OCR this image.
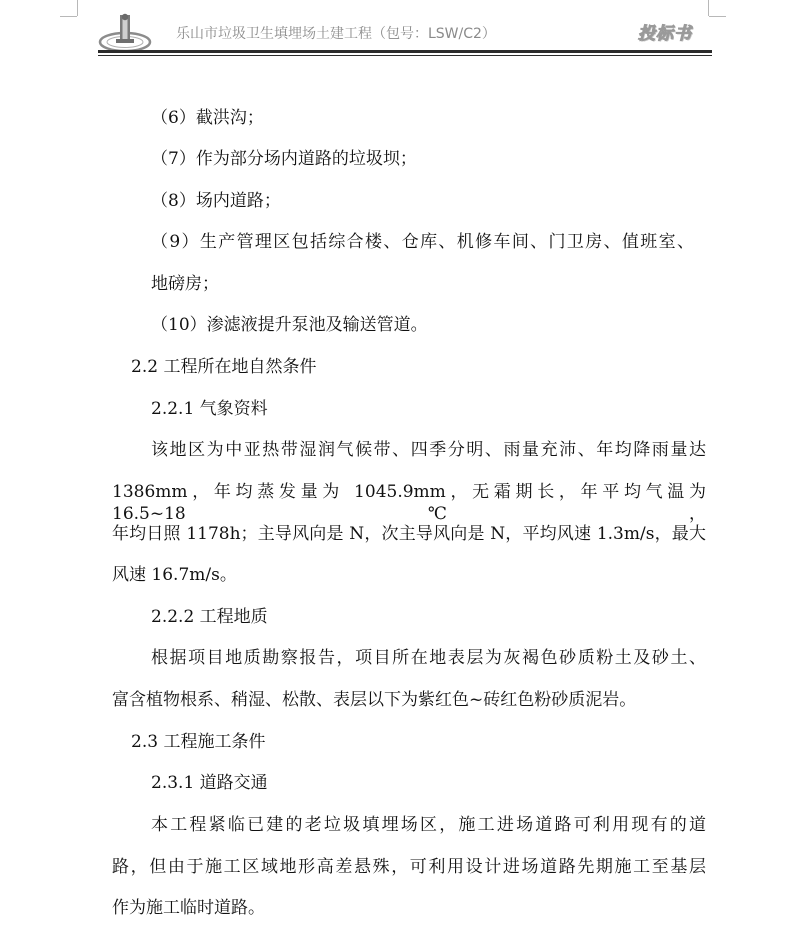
乐山市垃圾卫生填埋场土建工程（包号：LSW/C2）	投标书
（6）截洪沟；
（7）作为部分场内道路的垃圾坝；
（8）场内道路；
（9）生产管理区包括综合楼、仓库、机修车间、门卫房、值班室、
地磅房；
（10）渗滤液提升泵池及输送管道。
2.2 工程所在地自然条件
2.2.1 气象资料
该地区为中亚热带湿润气候带、四季分明、雨量充沛、年均降雨量达
1386mm，年均蒸发量为 1045.9mm，无霜期长，年平均气温为 16.5~18℃，
年均日照 1178h；主导风向是 N，次主导风向是 N，平均风速 1.3m/s，最大
风速 16.7m/s。
2.2.2 工程地质
根据项目地质勘察报告，项目所在地表层为灰褐色砂质粉土及砂土、
富含植物根系、稍湿、松散、表层以下为紫红色~砖红色粉砂质泥岩。
2.3 工程施工条件
2.3.1 道路交通
本工程紧临已建的老垃圾填埋场区，施工进场道路可利用现有的道
路，但由于施工区域地形高差悬殊，可利用设计进场道路先期施工至基层
作为施工临时道路。
